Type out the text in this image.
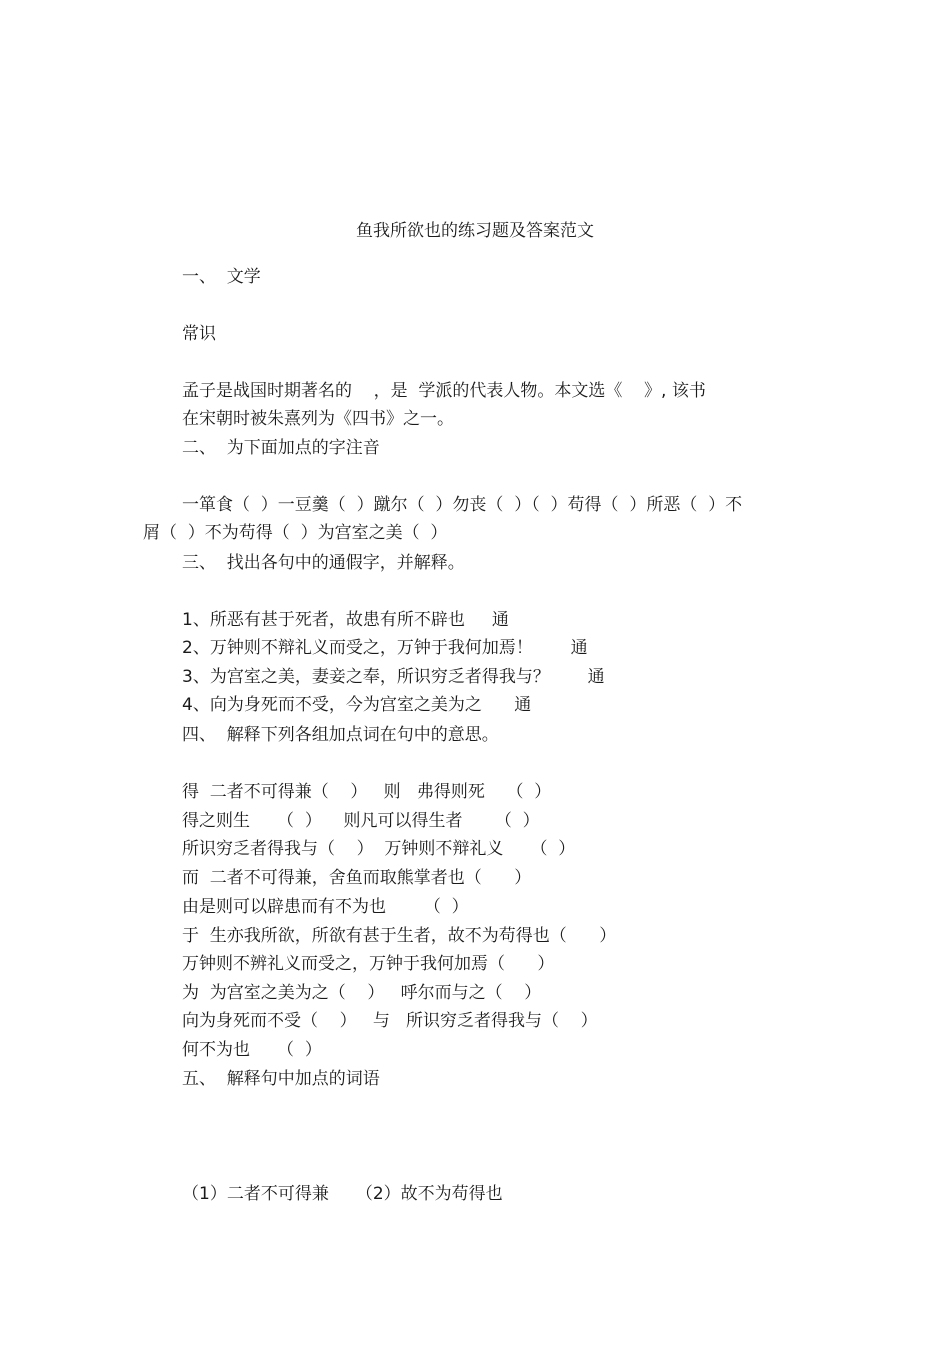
鱼我所欲也的练习题及答案范文
一、  文学
常识
孟子是战国时期著名的    ，是  学派的代表人物。本文选《    》, 该书
在宋朝时被朱熹列为《四书》之一。
二、  为下面加点的字注音
一箪食（  ）一豆羹（  ）蹴尔（  ）勿丧（  ）（  ）苟得（  ）所恶（  ）不
屑（  ）不为苟得（  ）为宫室之美（  ）
三、  找出各句中的通假字，并解释。
1、所恶有甚于死者，故患有所不辟也     通
2、万钟则不辩礼义而受之，万钟于我何加焉！       通
3、为宫室之美，妻妾之奉，所识穷乏者得我与？       通
4、向为身死而不受，今为宫室之美为之      通
四、  解释下列各组加点词在句中的意思。
得  二者不可得兼（    ）   则   弗得则死    （  ）
得之则生     （  ）    则凡可以得生者      （  ）
所识穷乏者得我与（    ）  万钟则不辩礼义     （  ）
而  二者不可得兼，舍鱼而取熊掌者也（      ）
由是则可以辟患而有不为也       （  ）
于  生亦我所欲，所欲有甚于生者，故不为苟得也（      ）
万钟则不辨礼义而受之，万钟于我何加焉（      ）
为  为宫室之美为之（    ）   呼尔而与之（    ）
向为身死而不受（    ）   与   所识穷乏者得我与（    ）
何不为也     （  ）
五、  解释句中加点的词语
（1）二者不可得兼     （2）故不为苟得也
